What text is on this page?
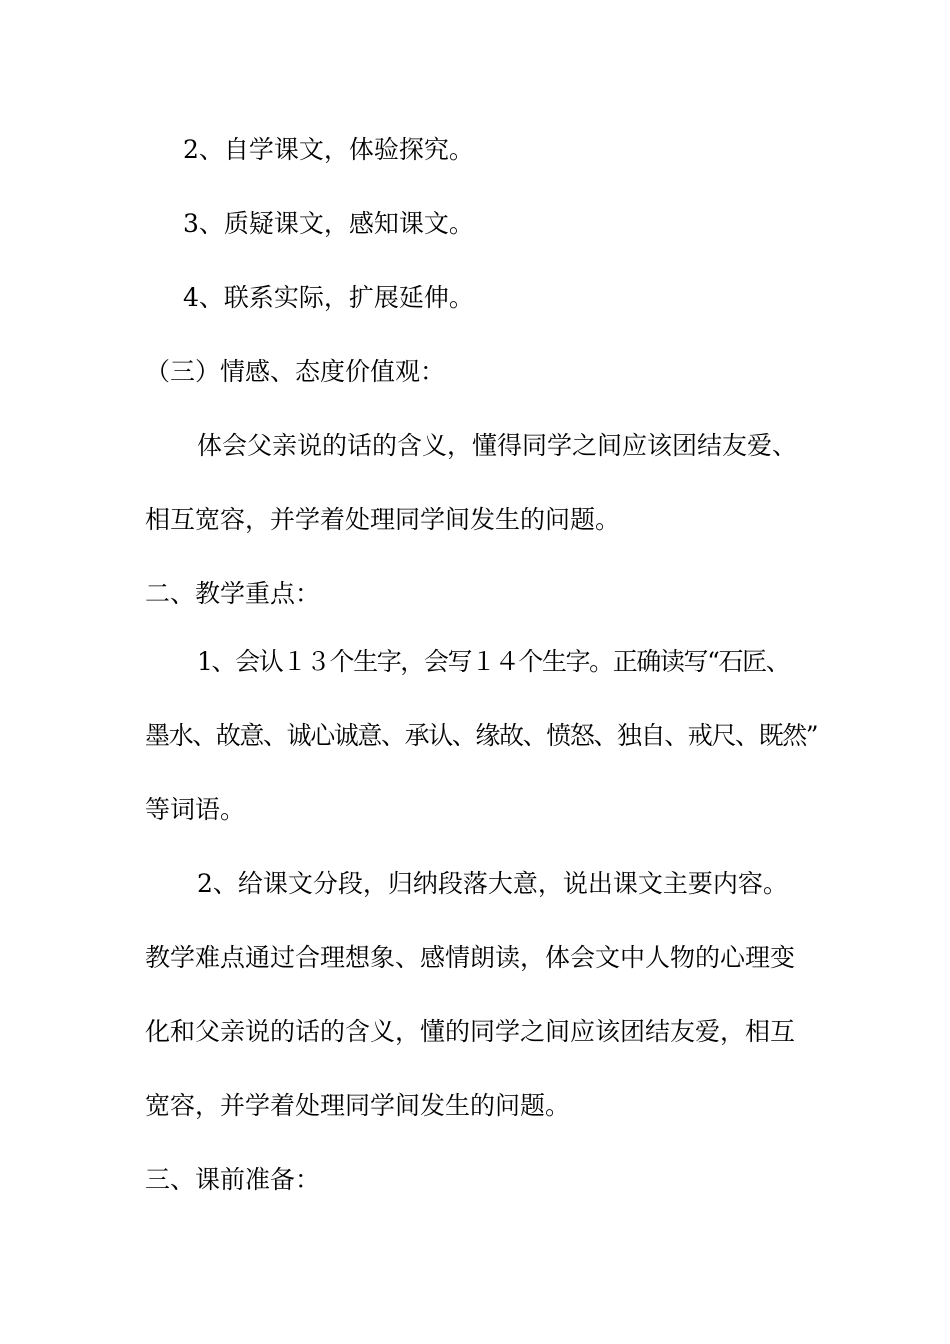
2、自学课文，体验探究。

3、质疑课文，感知课文。

4、联系实际，扩展延伸。

（三）情感、态度价值观：

体会父亲说的话的含义，懂得同学之间应该团结友爱、

相互宽容，并学着处理同学间发生的问题。

二、教学重点：

1、会认１３个生字，会写１４个生字。正确读写“石匠、

墨水、故意、诚心诚意、承认、缘故、愤怒、独自、戒尺、既然”

等词语。

2、给课文分段，归纳段落大意，说出课文主要内容。

教学难点通过合理想象、感情朗读，体会文中人物的心理变

化和父亲说的话的含义，懂的同学之间应该团结友爱，相互

宽容，并学着处理同学间发生的问题。

三、课前准备：
